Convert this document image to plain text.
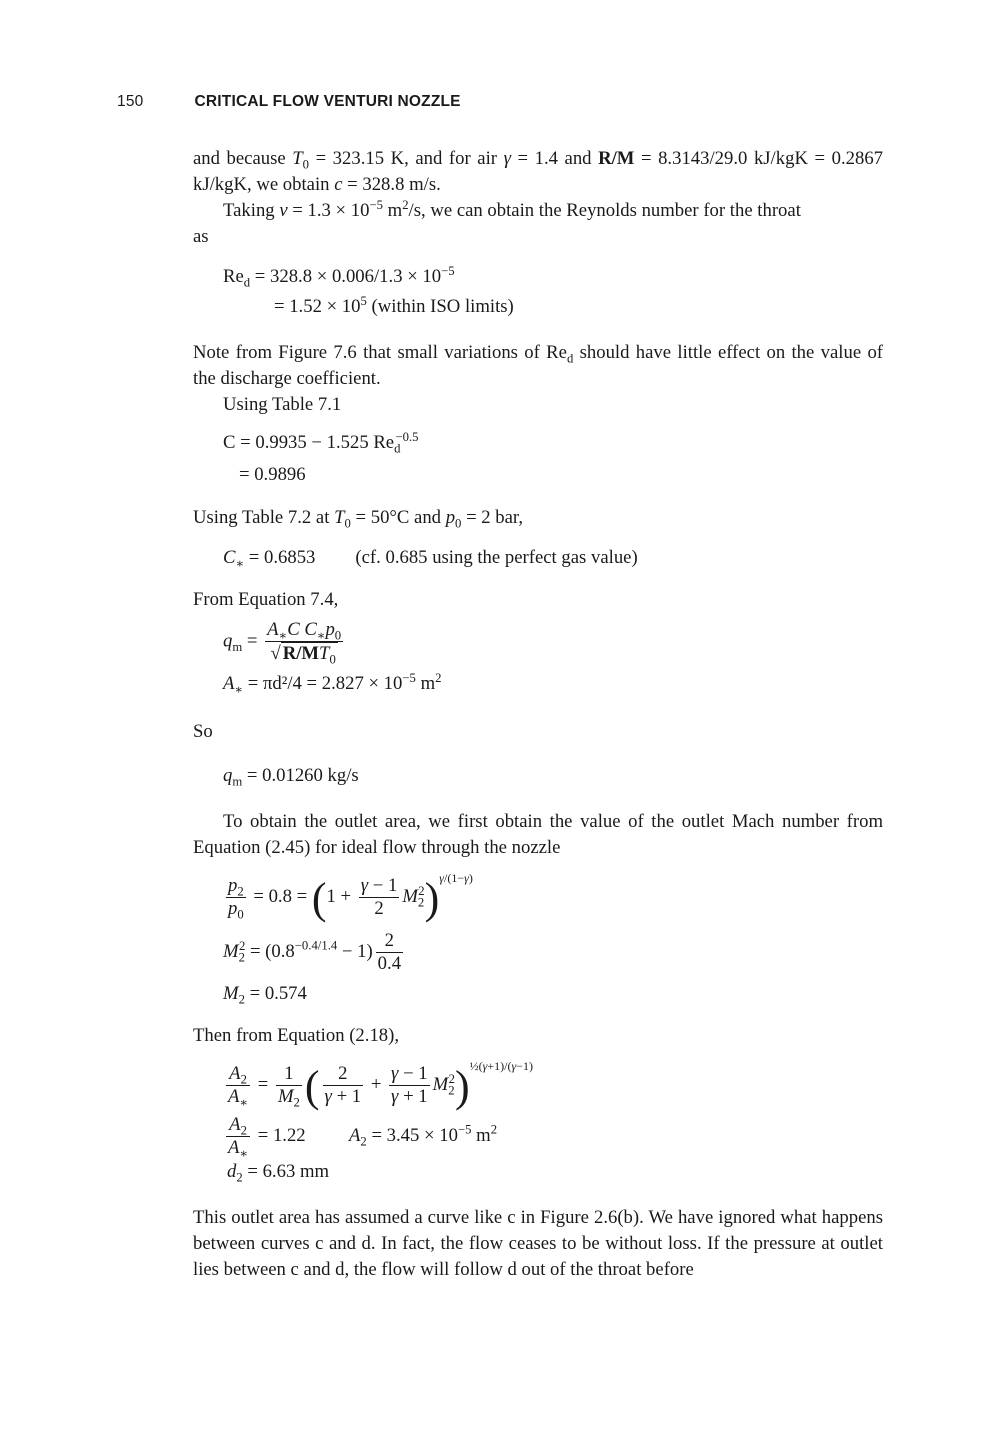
150	CRITICAL FLOW VENTURI NOZZLE

and because $T_0 = 323.15$ K, and for air γ = 1.4 and R/M = 8.3143/29.0 kJ/kgK = 0.2867 kJ/kgK, we obtain c = 328.8 m/s.

Taking $\nu = 1.3 \times 10^{-5}$ $m^2/s$, we can obtain the Reynolds number for the throat

as

$Re_d = 328.8 \times 0.006/1.3 \times 10^{-5}$
= $1.52 \times 10^5$ (within ISO limits)

Note from Figure 7.6 that small variations of $Re_d$ should have little effect on the value of the discharge coefficient.

Using Table 7.1

C = 0.9935 − 1.525 $Re_d^{-0.5}$
= 0.9896

Using Table 7.2 at $T_0 = 50^\circ C$ and $p_0 = 2$ bar,

$C_∗ = 0.6853$ (cf. 0.685 using the perfect gas value)

From Equation 7.4,

$q_m = \frac{A_∗C C_∗p_0}{√ R/MT_0}$
$A_∗ = \pi d^2/4 = 2.827 \times 10^{-5}$ $m^2$

So

$q_m = 0.01260$ kg/s

To obtain the outlet area, we first obtain the value of the outlet Mach number from Equation (2.45) for ideal flow through the nozzle

$\frac{p_2}{p_0} = 0.8 = (1 + \frac{\gamma - 1}{2} M_2^2)^{\gamma/(1-\gamma)}$
$M_2^2 = (0.8^{-0.4/1.4} - 1) \frac{2}{0.4}$
$M_2 = 0.574$

Then from Equation (2.18),

$\frac{A_2}{A_∗} = \frac{1}{M_2}$ ( $\frac{2}{\gamma + 1} + \frac{\gamma - 1}{\gamma + 1} M_2^2)^{\frac{1}{2}(\gamma+1)/(\gamma-1)}$
$\frac{A_2}{A_∗} = 1.22$ $A_2 = 3.45 \times 10^{-5}$ $m^2$
$d_2 = 6.63$ mm

This outlet area has assumed a curve like c in Figure 2.6(b). We have ignored what happens between curves c and d. In fact, the flow ceases to be without loss. If the pressure at outlet lies between c and d, the flow will follow d out of the throat before
